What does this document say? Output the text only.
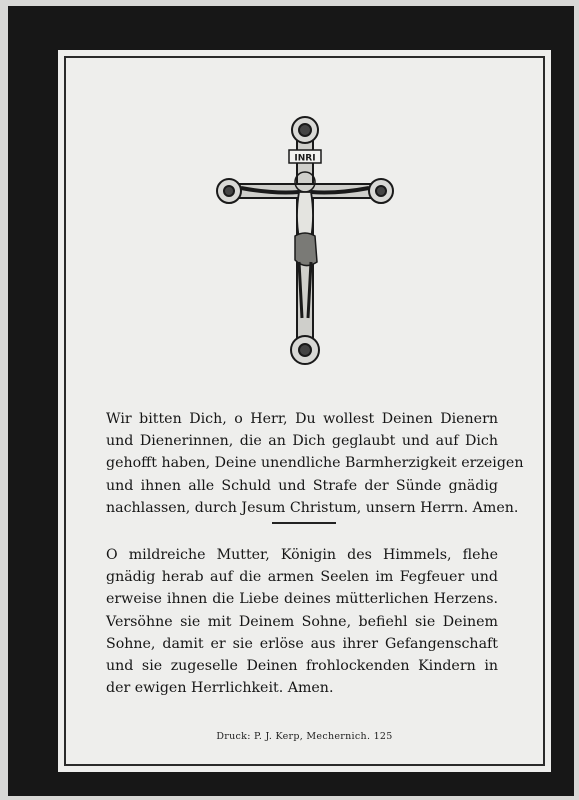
INRI
Wir bitten Dich, o Herr, Du wollest Deinen Dienern
und Dienerinnen, die an Dich geglaubt und auf Dich
gehofft haben, Deine unendliche Barmherzigkeit erzeigen
und ihnen alle Schuld und Strafe der Sünde gnädig
nachlassen, durch Jesum Christum, unsern Herrn. Amen.
O mildreiche Mutter, Königin des Himmels, flehe
gnädig herab auf die armen Seelen im Fegfeuer und
erweise ihnen die Liebe deines mütterlichen Herzens.
Versöhne sie mit Deinem Sohne, befiehl sie Deinem
Sohne, damit er sie erlöse aus ihrer Gefangenschaft
und sie zugeselle Deinen frohlockenden Kindern in
der ewigen Herrlichkeit. Amen.
Druck: P. J. Kerp, Mechernich. 125
